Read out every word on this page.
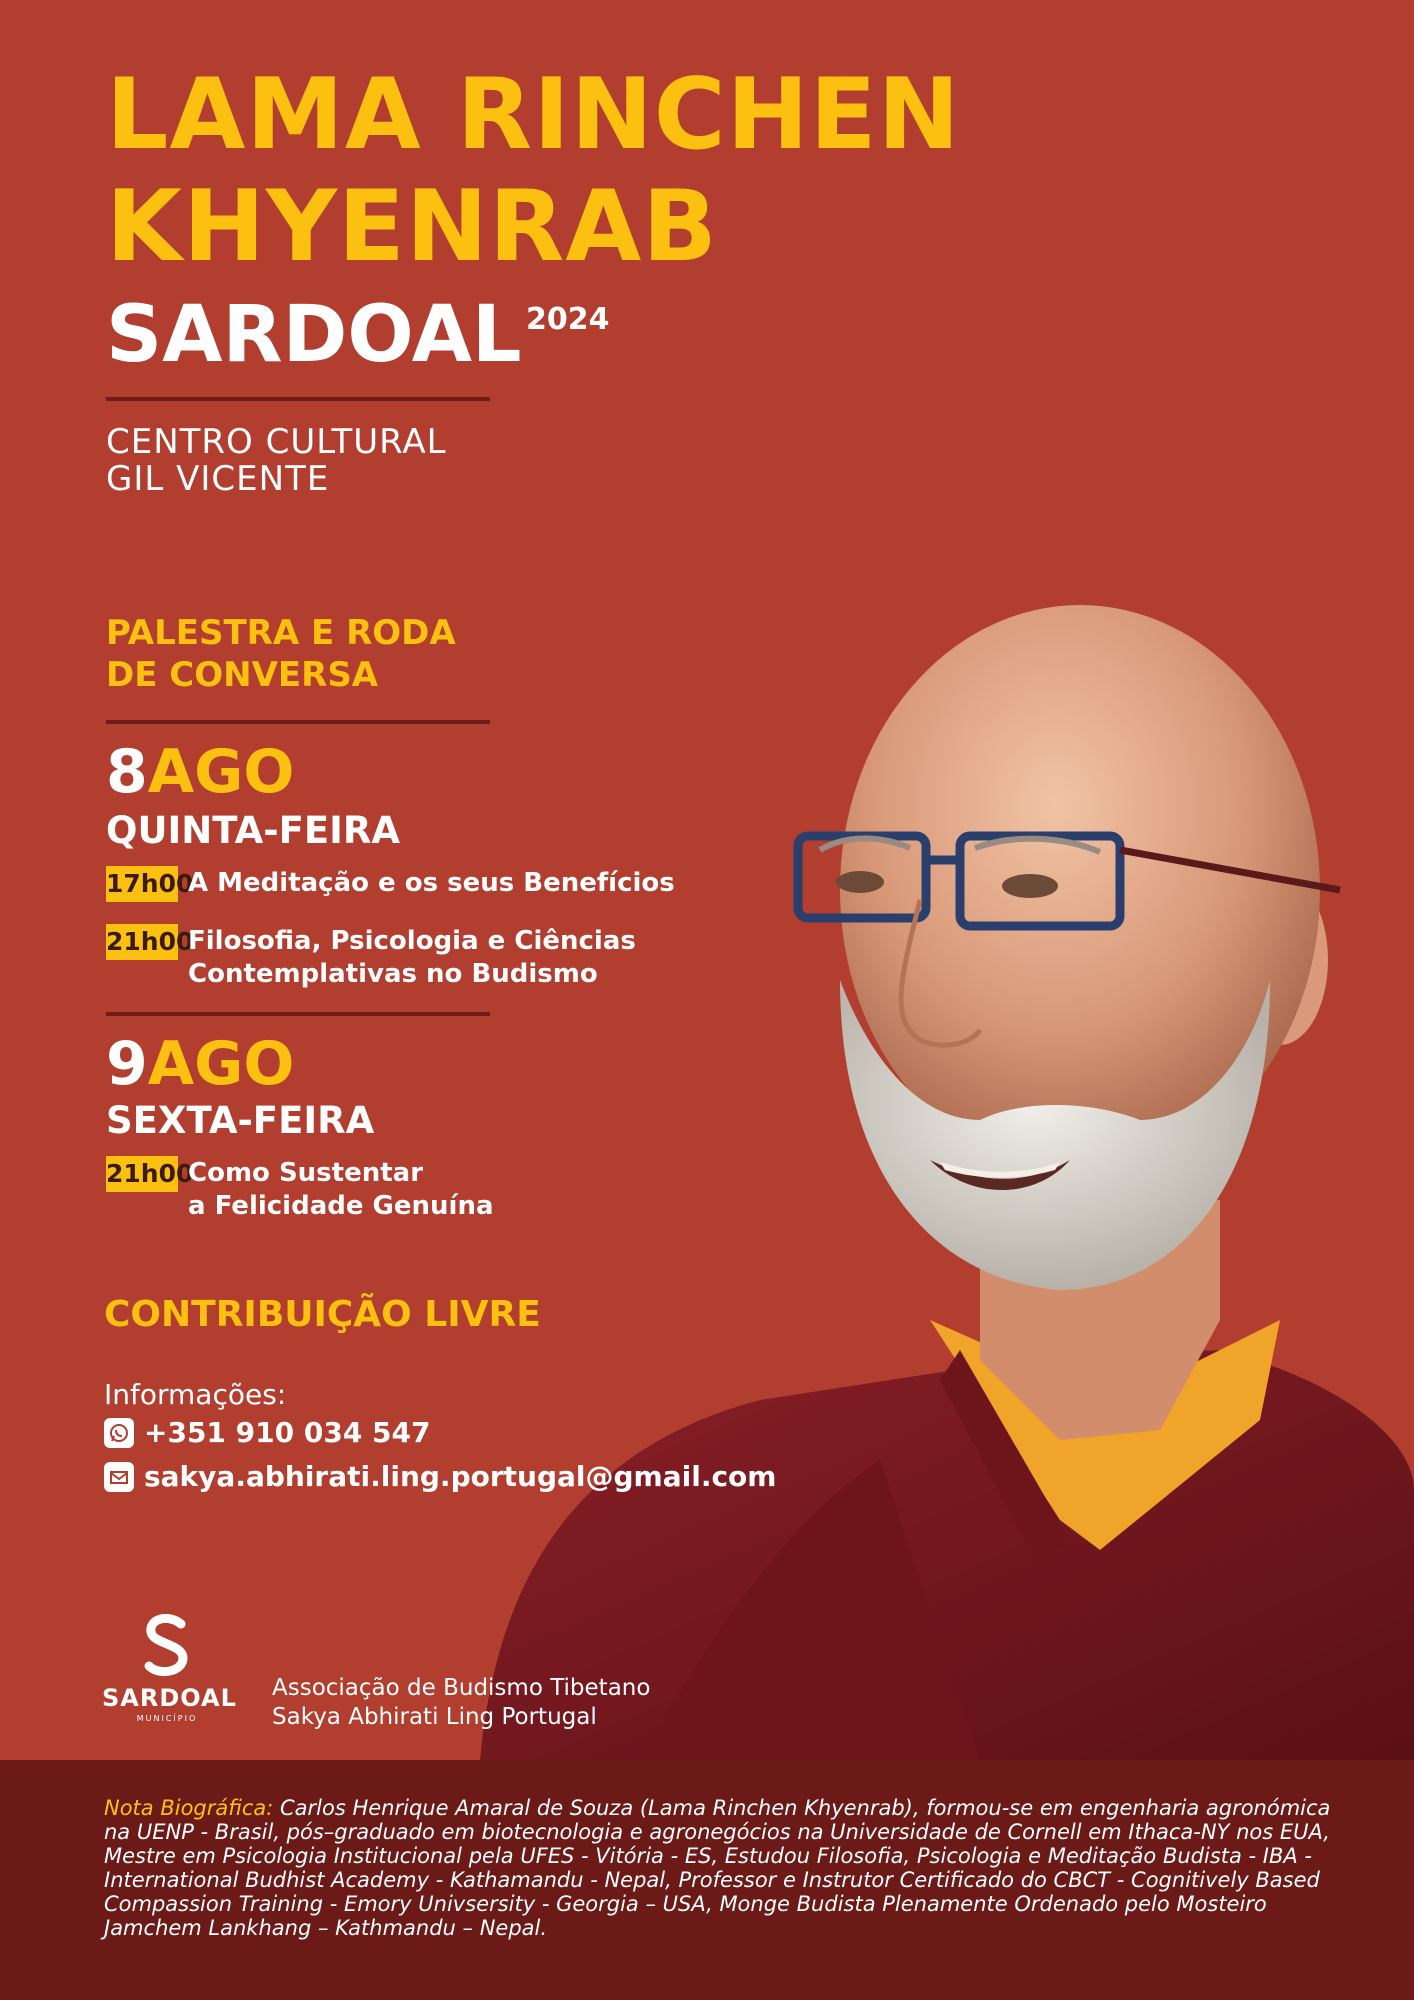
LAMA RINCHEN
KHYENRAB
SARDOAL 2024
CENTRO CULTURAL
GIL VICENTE
PALESTRA E RODA
DE CONVERSA
8AGO
QUINTA-FEIRA
17h00
A Meditação e os seus Benefícios
21h00
Filosofia, Psicologia e Ciências
Contemplativas no Budismo
9AGO
SEXTA-FEIRA
21h00
Como Sustentar
a Felicidade Genuína
CONTRIBUIÇÃO LIVRE
Informações:
+351 910 034 547
sakya.abhirati.ling.portugal@gmail.com
SARDOAL
MUNICÍPIO
Associação de Budismo Tibetano
Sakya Abhirati Ling Portugal
Nota Biográfica: Carlos Henrique Amaral de Souza (Lama Rinchen Khyenrab), formou-se em engenharia agronómica na UENP - Brasil, pós–graduado em biotecnologia e agronegócios na Universidade de Cornell em Ithaca-NY nos EUA, Mestre em Psicologia Institucional pela UFES - Vitória - ES, Estudou Filosofia, Psicologia e Meditação Budista - IBA - International Budhist Academy - Kathamandu - Nepal, Professor e Instrutor Certificado do CBCT - Cognitively Based Compassion Training - Emory Univsersity - Georgia – USA, Monge Budista Plenamente Ordenado pelo Mosteiro Jamchem Lankhang – Kathmandu – Nepal.
